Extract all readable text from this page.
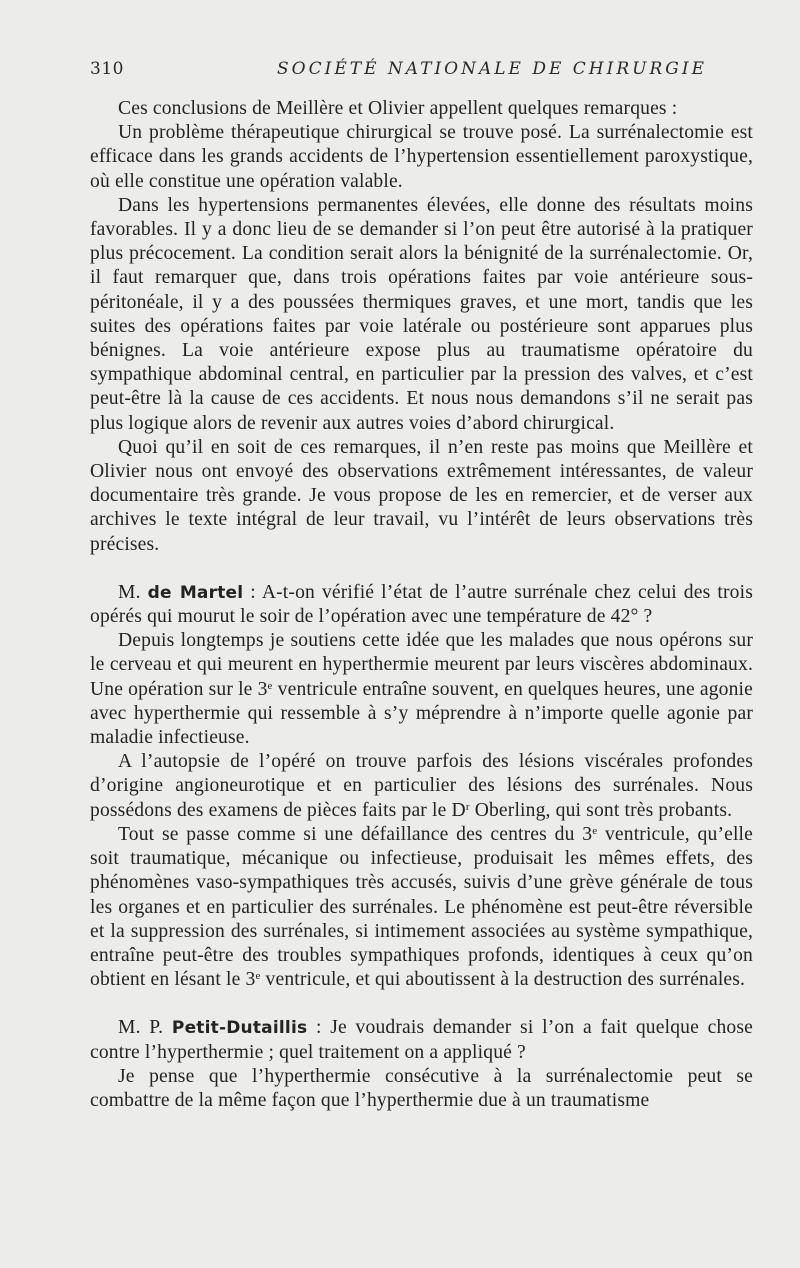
310	SOCIÉTÉ NATIONALE DE CHIRURGIE

Ces conclusions de Meillère et Olivier appellent quelques remarques :

Un problème thérapeutique chirurgical se trouve posé. La surrénalectomie est efficace dans les grands accidents de l’hypertension essentiellement paroxystique, où elle constitue une opération valable.

Dans les hypertensions permanentes élevées, elle donne des résultats moins favorables. Il y a donc lieu de se demander si l’on peut être autorisé à la pratiquer plus précocement. La condition serait alors la bénignité de la surrénalectomie. Or, il faut remarquer que, dans trois opérations faites par voie antérieure sous-péritonéale, il y a des poussées thermiques graves, et une mort, tandis que les suites des opérations faites par voie latérale ou postérieure sont apparues plus bénignes. La voie antérieure expose plus au traumatisme opératoire du sympathique abdominal central, en particulier par la pression des valves, et c’est peut-être là la cause de ces accidents. Et nous nous demandons s’il ne serait pas plus logique alors de revenir aux autres voies d’abord chirurgical.

Quoi qu’il en soit de ces remarques, il n’en reste pas moins que Meillère et Olivier nous ont envoyé des observations extrêmement intéressantes, de valeur documentaire très grande. Je vous propose de les en remercier, et de verser aux archives le texte intégral de leur travail, vu l’intérêt de leurs observations très précises.

M. de Martel : A-t-on vérifié l’état de l’autre surrénale chez celui des trois opérés qui mourut le soir de l’opération avec une température de 42° ?

Depuis longtemps je soutiens cette idée que les malades que nous opérons sur le cerveau et qui meurent en hyperthermie meurent par leurs viscères abdominaux. Une opération sur le 3e ventricule entraîne souvent, en quelques heures, une agonie avec hyperthermie qui ressemble à s’y méprendre à n’importe quelle agonie par maladie infectieuse.

A l’autopsie de l’opéré on trouve parfois des lésions viscérales profondes d’origine angioneurotique et en particulier des lésions des surrénales. Nous possédons des examens de pièces faits par le $D^r$ Oberling, qui sont très probants.

Tout se passe comme si une défaillance des centres du 3e ventricule, qu’elle soit traumatique, mécanique ou infectieuse, produisait les mêmes effets, des phénomènes vaso-sympathiques très accusés, suivis d’une grève générale de tous les organes et en particulier des surrénales. Le phénomène est peut-être réversible et la suppression des surrénales, si intimement associées au système sympathique, entraîne peut-être des troubles sympathiques profonds, identiques à ceux qu’on obtient en lésant le 3e ventricule, et qui aboutissent à la destruction des surrénales.

M. P. Petit-Dutaillis : Je voudrais demander si l’on a fait quelque chose contre l’hyperthermie ; quel traitement on a appliqué ?

Je pense que l’hyperthermie consécutive à la surrénalectomie peut se combattre de la même façon que l’hyperthermie due à un traumatisme
